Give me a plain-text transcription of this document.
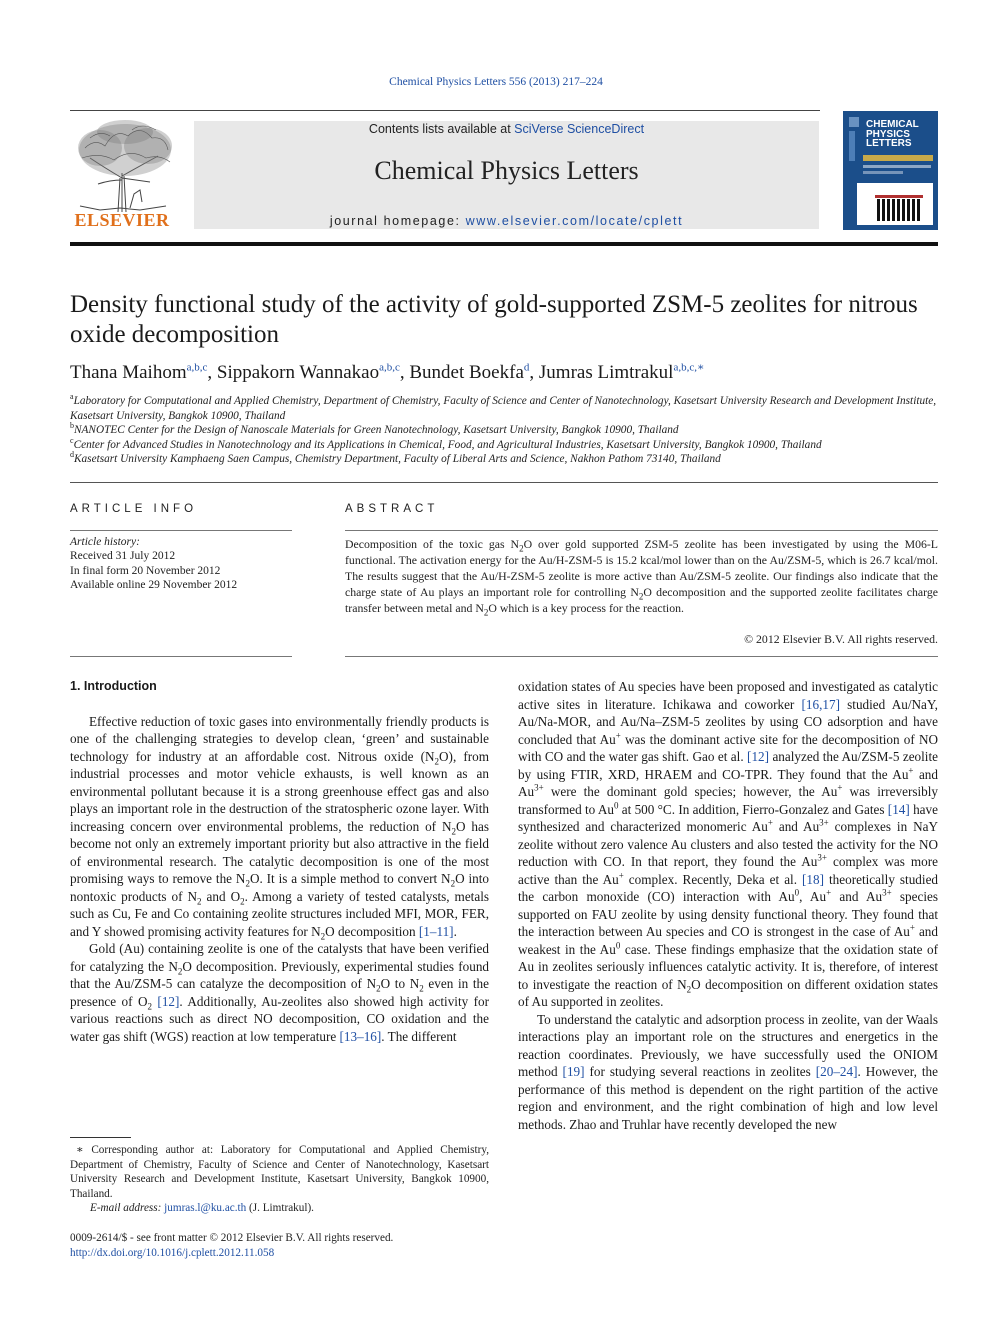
Chemical Physics Letters 556 (2013) 217–224
ELSEVIER
Contents lists available at SciVerse ScienceDirect
Chemical Physics Letters
journal homepage: www.elsevier.com/locate/cplett
CHEMICAL
PHYSICS
LETTERS
Density functional study of the activity of gold-supported ZSM-5 zeolites for nitrous oxide decomposition
Thana Maihom$^{a,b,c}$, Sippakorn Wannakao$^{a,b,c}$, Bundet Boekfa$^d$, Jumras Limtrakul$^{a,b,c,∗}$
$^a$Laboratory for Computational and Applied Chemistry, Department of Chemistry, Faculty of Science and Center of Nanotechnology, Kasetsart University Research and Development Institute, Kasetsart University, Bangkok 10900, Thailand
$^b$NANOTEC Center for the Design of Nanoscale Materials for Green Nanotechnology, Kasetsart University, Bangkok 10900, Thailand
$^c$Center for Advanced Studies in Nanotechnology and its Applications in Chemical, Food, and Agricultural Industries, Kasetsart University, Bangkok 10900, Thailand
$^d$Kasetsart University Kamphaeng Saen Campus, Chemistry Department, Faculty of Liberal Arts and Science, Nakhon Pathom 73140, Thailand
ARTICLE INFO	ABSTRACT
Article history:
Received 31 July 2012
In final form 20 November 2012
Available online 29 November 2012
Decomposition of the toxic gas $N_2O$ over gold supported ZSM-5 zeolite has been investigated by using the M06-L functional. The activation energy for the Au/H-ZSM-5 is 15.2 kcal/mol lower than on the Au/ZSM-5, which is 26.7 kcal/mol. The results suggest that the Au/H-ZSM-5 zeolite is more active than Au/ZSM-5 zeolite. Our findings also indicate that the charge state of Au plays an important role for controlling $N_2O$ decomposition and the supported zeolite facilitates charge transfer between metal and $N_2O$ which is a key process for the reaction.
© 2012 Elsevier B.V. All rights reserved.

1. Introduction

Effective reduction of toxic gases into environmentally friendly products is one of the challenging strategies to develop clean, ‘green’ and sustainable technology for industry at an affordable cost. Nitrous oxide $(N_2O)$, from industrial processes and motor vehicle exhausts, is well known as an environmental pollutant because it is a strong greenhouse effect gas and also plays an important role in the destruction of the stratospheric ozone layer. With increasing concern over environmental problems, the reduction of $N_2O$ has become not only an extremely important priority but also attractive in the field of environmental research. The catalytic decomposition is one of the most promising ways to remove the $N_2O$. It is a simple method to convert $N_2O$ into nontoxic products of $N_2$ and $O_2$. Among a variety of tested catalysts, metals such as Cu, Fe and Co containing zeolite structures included MFI, MOR, FER, and Y showed promising activity features for $N_2O$ decomposition [1–11].

Gold (Au) containing zeolite is one of the catalysts that have been verified for catalyzing the $N_2O$ decomposition. Previously, experimental studies found that the Au/ZSM-5 can catalyze the decomposition of $N_2O$ to $N_2$ even in the presence of $O_2$ [12]. Additionally, Au-zeolites also showed high activity for various reactions such as direct NO decomposition, CO oxidation and the water gas shift (WGS) reaction at low temperature [13–16]. The different

oxidation states of Au species have been proposed and investigated as catalytic active sites in literature. Ichikawa and coworker [16,17] studied Au/NaY, Au/Na-MOR, and Au/Na–ZSM-5 zeolites by using CO adsorption and have concluded that Au+ was the dominant active site for the decomposition of NO with CO and the water gas shift. Gao et al. [12] analyzed the Au/ZSM-5 zeolite by using FTIR, XRD, HRAEM and CO-TPR. They found that the Au+ and $Au^{3+}$ were the dominant gold species; however, the Au+ was irreversibly transformed to Au$^0$ at 500 °C. In addition, Fierro-Gonzalez and Gates [14] have synthesized and characterized monomeric Au+ and $Au^{3+}$ complexes in NaY zeolite without zero valence Au clusters and also tested the activity for the NO reduction with CO. In that report, they found the $Au^{3+}$ complex was more active than the Au+ complex. Recently, Deka et al. [18] theoretically studied the carbon monoxide (CO) interaction with Au$^0$, Au+ and $Au^{3+}$ species supported on FAU zeolite by using density functional theory. They found that the interaction between Au species and CO is strongest in the case of Au+ and weakest in the Au$^0$ case. These findings emphasize that the oxidation state of Au in zeolites seriously influences catalytic activity. It is, therefore, of interest to investigate the reaction of $N_2O$ decomposition on different oxidation states of Au supported in zeolites.

To understand the catalytic and adsorption process in zeolite, van der Waals interactions play an important role on the structures and energetics in the reaction coordinates. Previously, we have successfully used the ONIOM method [19] for studying several reactions in zeolites [20–24]. However, the performance of this method is dependent on the right partition of the active region and environment, and the right combination of high and low level methods. Zhao and Truhlar have recently developed the new

∗ Corresponding author at: Laboratory for Computational and Applied Chemistry, Department of Chemistry, Faculty of Science and Center of Nanotechnology, Kasetsart University Research and Development Institute, Kasetsart University, Bangkok 10900, Thailand.

E-mail address: jumras.l@ku.ac.th (J. Limtrakul).

0009-2614/$ - see front matter © 2012 Elsevier B.V. All rights reserved.
http://dx.doi.org/10.1016/j.cplett.2012.11.058
